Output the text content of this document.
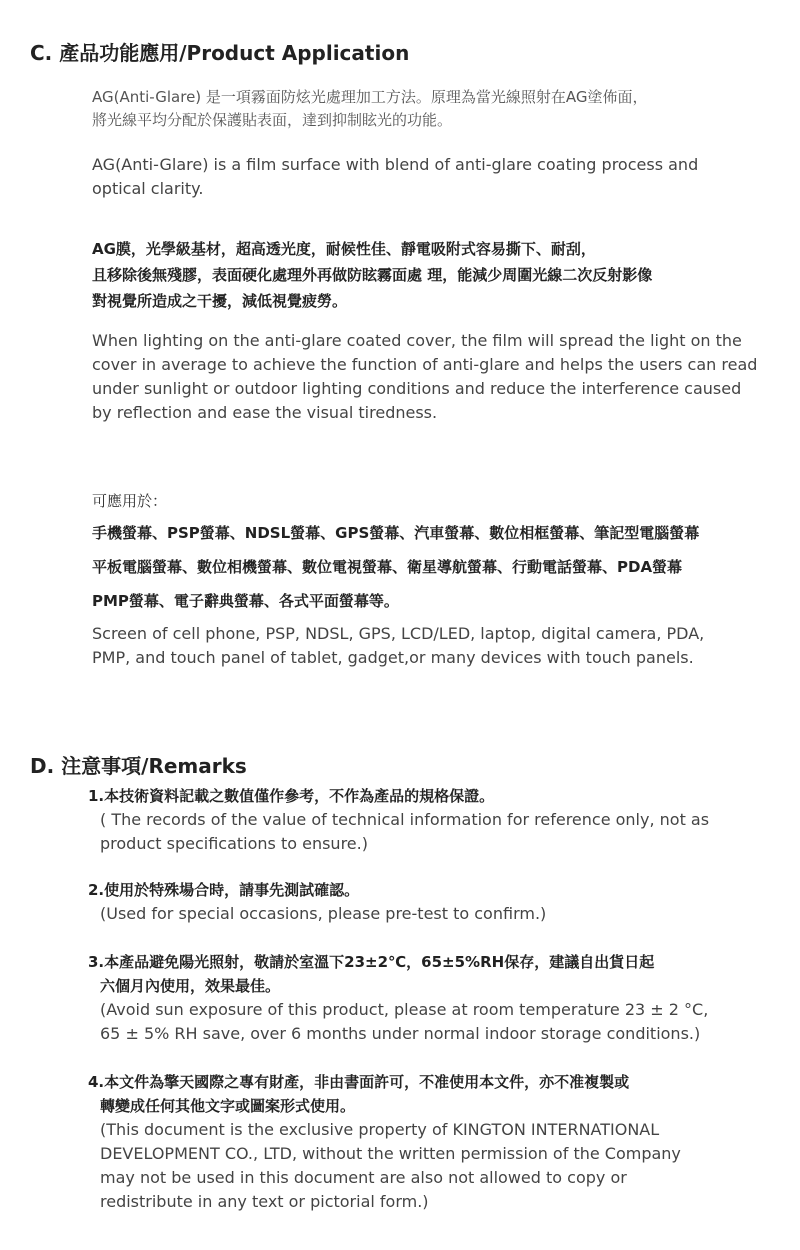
C. 產品功能應用/Product Application
AG(Anti-Glare) 是一項霧面防炫光處理加工方法。原理為當光線照射在AG塗佈面，
將光線平均分配於保護貼表面，達到抑制眩光的功能。
AG(Anti-Glare) is a film surface with blend of anti-glare coating process and
optical clarity.
AG膜，光學級基材，超高透光度，耐候性佳、靜電吸附式容易撕下、耐刮，
且移除後無殘膠，表面硬化處理外再做防眩霧面處 理，能減少周圍光線二次反射影像
對視覺所造成之干擾，減低視覺疲勞。
When lighting on the anti-glare coated cover, the film will spread the light on the
cover in average to achieve the function of anti-glare and helps the users can read
under sunlight or outdoor lighting conditions and reduce the interference caused
by reflection and ease the visual tiredness.
可應用於：
手機螢幕、PSP螢幕、NDSL螢幕、GPS螢幕、汽車螢幕、數位相框螢幕、筆記型電腦螢幕
平板電腦螢幕、數位相機螢幕、數位電視螢幕、衛星導航螢幕、行動電話螢幕、PDA螢幕
PMP螢幕、電子辭典螢幕、各式平面螢幕等。
Screen of cell phone, PSP, NDSL, GPS, LCD/LED, laptop, digital camera, PDA,
PMP, and touch panel of tablet, gadget,or many devices with touch panels.
D. 注意事項/Remarks
1.本技術資料記載之數值僅作參考，不作為產品的規格保證。
( The records of the value of technical information for reference only, not as
product specifications to ensure.)
2.使用於特殊場合時，請事先測試確認。
(Used for special occasions, please pre-test to confirm.)
3.本產品避免陽光照射，敬請於室溫下23±2℃，65±5%RH保存，建議自出貨日起
六個月內使用，效果最佳。
(Avoid sun exposure of this product, please at room temperature 23 ± 2 °C,
65 ± 5% RH save, over 6 months under normal indoor storage conditions.)
4.本文件為擎天國際之專有財產，非由書面許可，不准使用本文件，亦不准複製或
轉變成任何其他文字或圖案形式使用。
(This document is the exclusive property of KINGTON INTERNATIONAL
DEVELOPMENT CO., LTD, without the written permission of the Company
may not be used in this document are also not allowed to copy or
redistribute in any text or pictorial form.)
